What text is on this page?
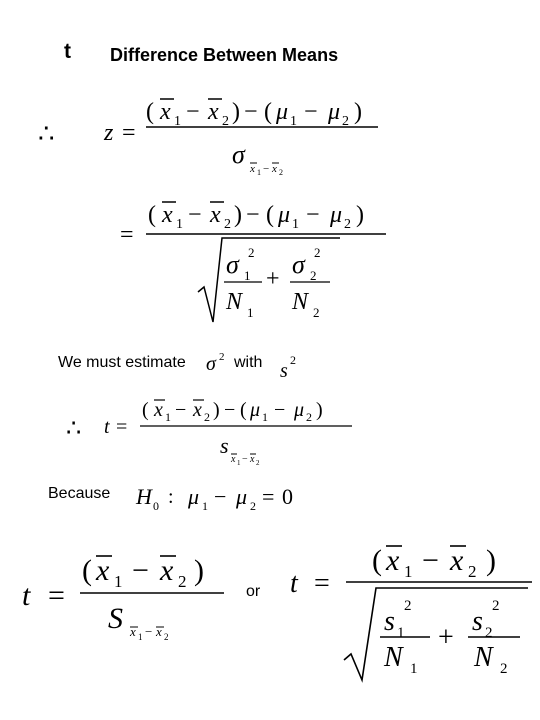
t Difference Between Means
We must estimate	with
Because
or
∴ z =
( x 1 − x 2 ) − ( μ 1 − μ 2 )
σ x 1 − x 2
=
( x 1 − x 2 ) − ( μ 1 − μ 2 )
σ 1
2
N 1
+ σ 2
2
N 2
σ 2
s 2
∴ t =
( x 1 − x 2 ) − ( μ 1 − μ 2 )
s
x 1 − x 2
H 0 : μ 1 − μ 2 = 0
t =
( x 1 − x 2 )
S x 1 − x 2
t =
( x 1 − x 2 )
s 1
2
N 1
+
s 2
2
N 2
